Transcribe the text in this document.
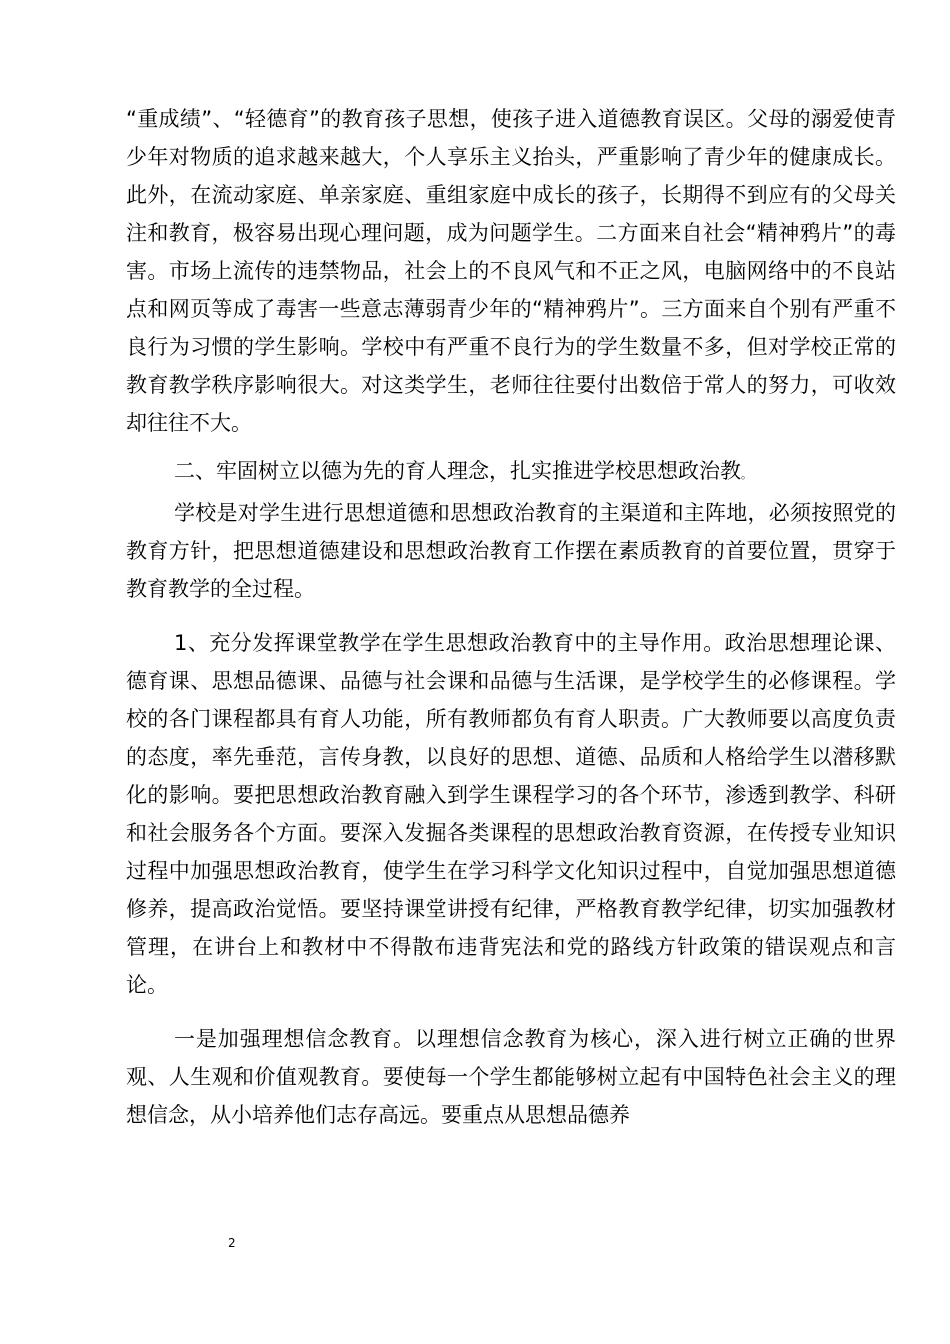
“重成绩”、“轻德育”的教育孩子思想，使孩子进入道德教育误区。父母的溺爱使青少年对物质的追求越来越大，个人享乐主义抬头，严重影响了青少年的健康成长。此外，在流动家庭、单亲家庭、重组家庭中成长的孩子，长期得不到应有的父母关注和教育，极容易出现心理问题，成为问题学生。二方面来自社会“精神鸦片”的毒害。市场上流传的违禁物品，社会上的不良风气和不正之风，电脑网络中的不良站点和网页等成了毒害一些意志薄弱青少年的“精神鸦片”。三方面来自个别有严重不良行为习惯的学生影响。学校中有严重不良行为的学生数量不多，但对学校正常的教育教学秩序影响很大。对这类学生，老师往往要付出数倍于常人的努力，可收效却往往不大。

二、牢固树立以德为先的育人理念，扎实推进学校思想政治教。

学校是对学生进行思想道德和思想政治教育的主渠道和主阵地，必须按照党的教育方针，把思想道德建设和思想政治教育工作摆在素质教育的首要位置，贯穿于教育教学的全过程。

1、充分发挥课堂教学在学生思想政治教育中的主导作用。政治思想理论课、德育课、思想品德课、品德与社会课和品德与生活课，是学校学生的必修课程。学校的各门课程都具有育人功能，所有教师都负有育人职责。广大教师要以高度负责的态度，率先垂范，言传身教，以良好的思想、道德、品质和人格给学生以潜移默化的影响。要把思想政治教育融入到学生课程学习的各个环节，渗透到教学、科研和社会服务各个方面。要深入发掘各类课程的思想政治教育资源，在传授专业知识过程中加强思想政治教育，使学生在学习科学文化知识过程中，自觉加强思想道德修养，提高政治觉悟。要坚持课堂讲授有纪律，严格教育教学纪律，切实加强教材管理，在讲台上和教材中不得散布违背宪法和党的路线方针政策的错误观点和言论。

一是加强理想信念教育。以理想信念教育为核心，深入进行树立正确的世界观、人生观和价值观教育。要使每一个学生都能够树立起有中国特色社会主义的理想信念，从小培养他们志存高远。要重点从思想品德养

2
